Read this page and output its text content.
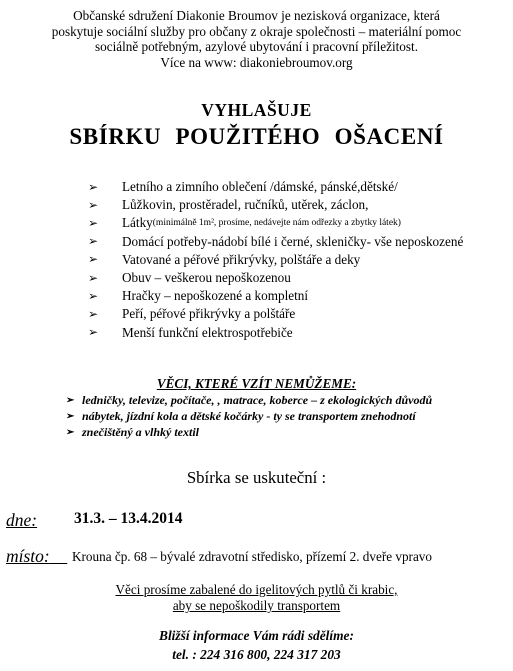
Občanské sdružení Diakonie Broumov je nezisková organizace, která
poskytuje sociální služby pro občany z okraje společnosti – materiální pomoc
sociálně potřebným, azylové ubytování i pracovní příležitost.
Více na www: diakoniebroumov.org
VYHLAŠUJE
SBÍRKU POUŽITÉHO OŠACENÍ
➢	Letního a zimního oblečení /dámské, pánské,dětské/
➢	Lůžkovin, prostěradel, ručníků, utěrek, záclon,
➢	Látky (minimálně 1m², prosíme, nedávejte nám odřezky a zbytky látek)
➢	Domácí potřeby-nádobí bílé i černé, skleničky- vše neposkozené
➢	Vatované a péřové přikrývky, polštáře a deky
➢	Obuv – veškerou nepoškozenou
➢	Hračky – nepoškozené a kompletní
➢	Peří, péřové přikrývky a polštáře
➢	Menší funkční elektrospotřebiče
VĚCI, KTERÉ VZÍT NEMŮŽEME:
➢ ledničky, televize, počítače, , matrace, koberce – z ekologických důvodů
➢ nábytek, jízdní kola a dětské kočárky - ty se transportem znehodnotí
➢ znečištěný a vlhký textil
Sbírka se uskuteční :
dne: 31.3. – 13.4.2014
místo:	Krouna čp. 68 – bývalé zdravotní středisko, přízemí 2. dveře vpravo
Věci prosíme zabalené do igelitových pytlů či krabic,
aby se nepoškodily transportem
Bližší informace Vám rádi sdělíme:
tel. : 224 316 800, 224 317 203
